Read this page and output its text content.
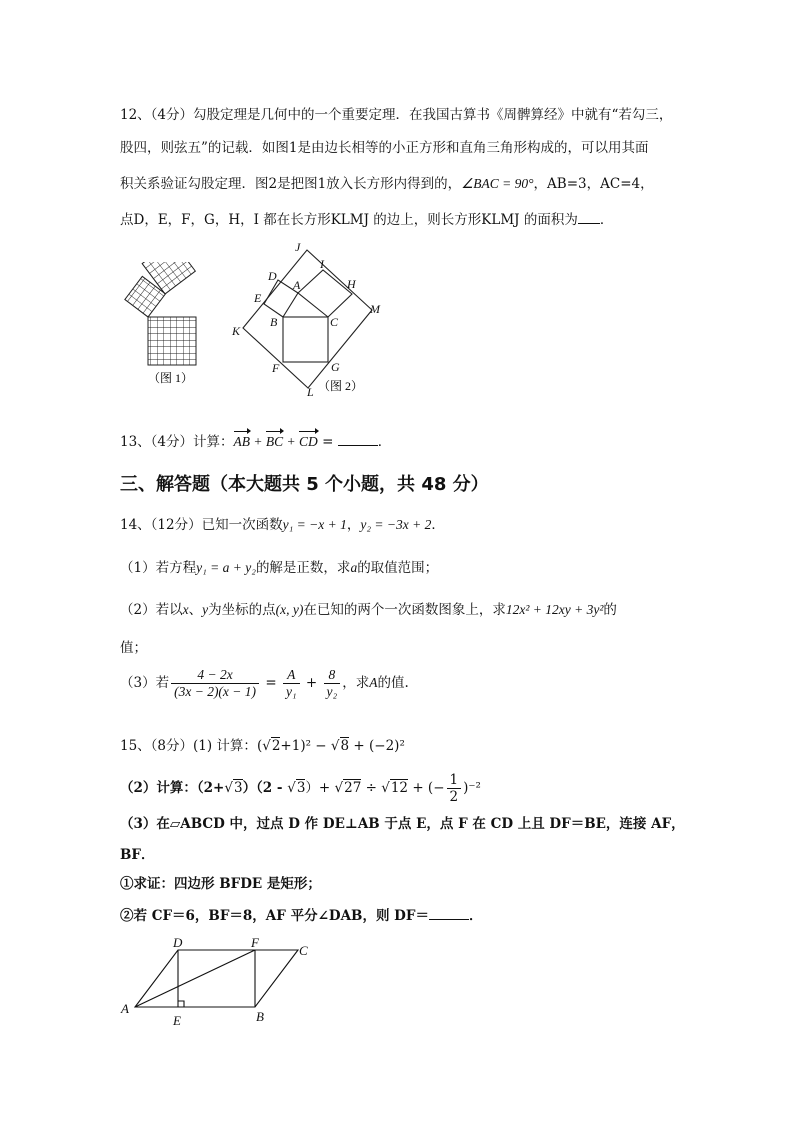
12、（4分）勾股定理是几何中的一个重要定理．在我国古算书《周髀算经》中就有“若勾三，
股四，则弦五”的记载．如图1是由边长相等的小正方形和直角三角形构成的，可以用其面
积关系验证勾股定理．图2是把图1放入长方形内得到的，∠BAC = 90°，AB=3，AC=4，
点D，E，F，G，H，I 都在长方形KLMJ 的边上，则长方形KLMJ 的面积为 ．
（图 1）
J
I
D
A	H
E
M
B	C
K
F	G
L （图 2）
13、（4分）计算：AB + BC + CD =	．
三、解答题（本大题共 5 个小题，共 48 分）
14、（12分）已知一次函数y₁ = −x + 1，y₂ = −3x + 2．
（1）若方程y₁ = a + y₂的解是正数，求a的取值范围；
（2）若以x、y为坐标的点(x, y)在已知的两个一次函数图象上，求12x² + 12xy + 3y²的
值；
（3）若 $\frac{4 - 2x}{(3x - 2)(x - 1)} = \frac{A}{\text{y₁}} + \frac{8}{\text{y₂}}$ ，求A的值.
15、（8分）(1) 计算：(√2+1)² − √8 + (−2)²
（2）计算：（2+√3）（2 - √3）+ √27 ÷ √12 + (− $\frac{1}{2} )^{-2}$
（3）在▱ABCD 中，过点 D 作 DE⊥AB 于点 E，点 F 在 CD 上且 DF＝BE，连接 AF，
BF．
①求证：四边形 BFDE 是矩形；
②若 CF＝6，BF＝8，AF 平分∠DAB，则 DF＝	．
A
D	F
C
E	B
